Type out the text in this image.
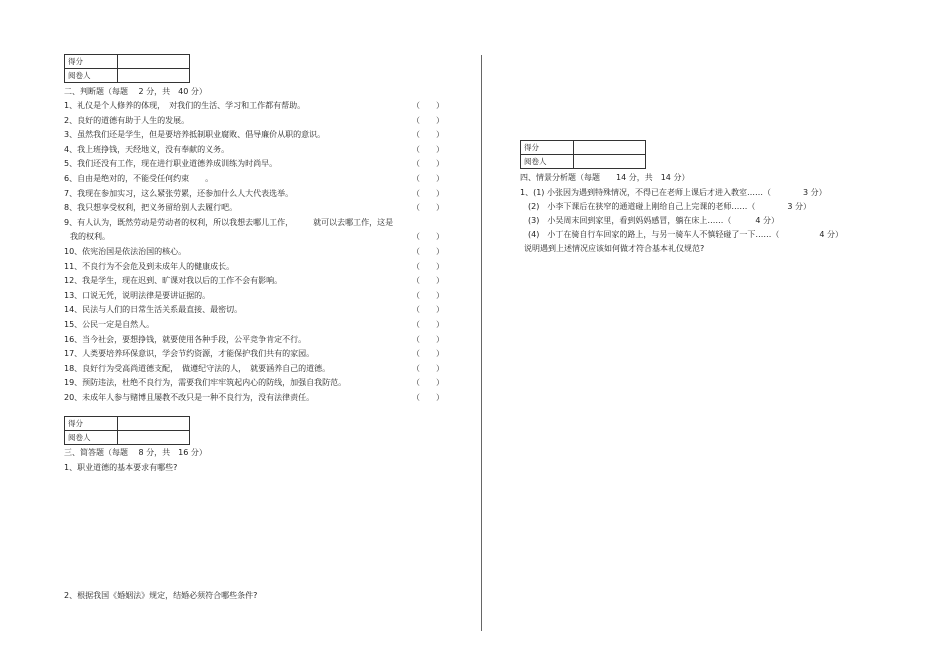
得分	
阅卷人	
二、判断题（每题　 2 分，共　40 分）
1、礼仪是个人修养的体现，　对我们的生活、学习和工作都有帮助。	（　　）
2、良好的道德有助于人生的发展。	（　　）
3、虽然我们还是学生，但是要培养抵制职业腐败、倡导廉价从职的意识。	（　　）
4、我上班挣钱，天经地义，没有奉献的义务。	（　　）
5、我们还没有工作，现在进行职业道德养成训练为时尚早。	（　　）
6、自由是绝对的，不能受任何约束　　。	（　　）
7、我现在参加实习，这么紧张劳累，还参加什么人大代表选举。	（　　）
8、我只想享受权利，把义务留给别人去履行吧。	（　　）
9、有人认为，既然劳动是劳动者的权利，所以我想去哪儿工作，　　　就可以去哪工作，这是
我的权利。	（　　）
10、依宪治国是依法治国的核心。	（　　）
11、不良行为不会危及到未成年人的健康成长。	（　　）
12、我是学生，现在迟到、旷课对我以后的工作不会有影响。	（　　）
13、口说无凭，说明法律是要讲证据的。	（　　）
14、民法与人们的日常生活关系最直接、最密切。	（　　）
15、公民一定是自然人。	（　　）
16、当今社会，要想挣钱，就要使用各种手段，公平竞争肯定不行。	（　　）
17、人类要培养环保意识，学会节约资源，才能保护我们共有的家园。	（　　）
18、良好行为受高尚道德支配，　做遵纪守法的人，　就要涵养自己的道德。	（　　）
19、预防违法，杜绝不良行为，需要我们牢牢筑起内心的防线，加强自我防范。	（　　）
20、未成年人参与赌博且屡教不改只是一种不良行为，没有法律责任。	（　　）
得分	
阅卷人	
三、简答题（每题　 8 分，共　16 分）
1、职业道德的基本要求有哪些?
2、根据我国《婚姻法》规定，结婚必须符合哪些条件?
得分	
阅卷人	
四、情景分析题（每题　　14 分，共　14 分）
1、(1) 小张因为遇到特殊情况，不得已在老师上课后才进入教室……（　　　　3 分）
(2)　小李下课后在狭窄的通道碰上刚给自己上完课的老师……（　　　　3 分）
(3)　小吴周末回到家里，看到妈妈感冒，躺在床上……（　　　4 分）
(4)　小丁在骑自行车回家的路上，与另一骑车人不慎轻碰了一下……（　　　　　4 分）
说明遇到上述情况应该如何做才符合基本礼仪规范?
